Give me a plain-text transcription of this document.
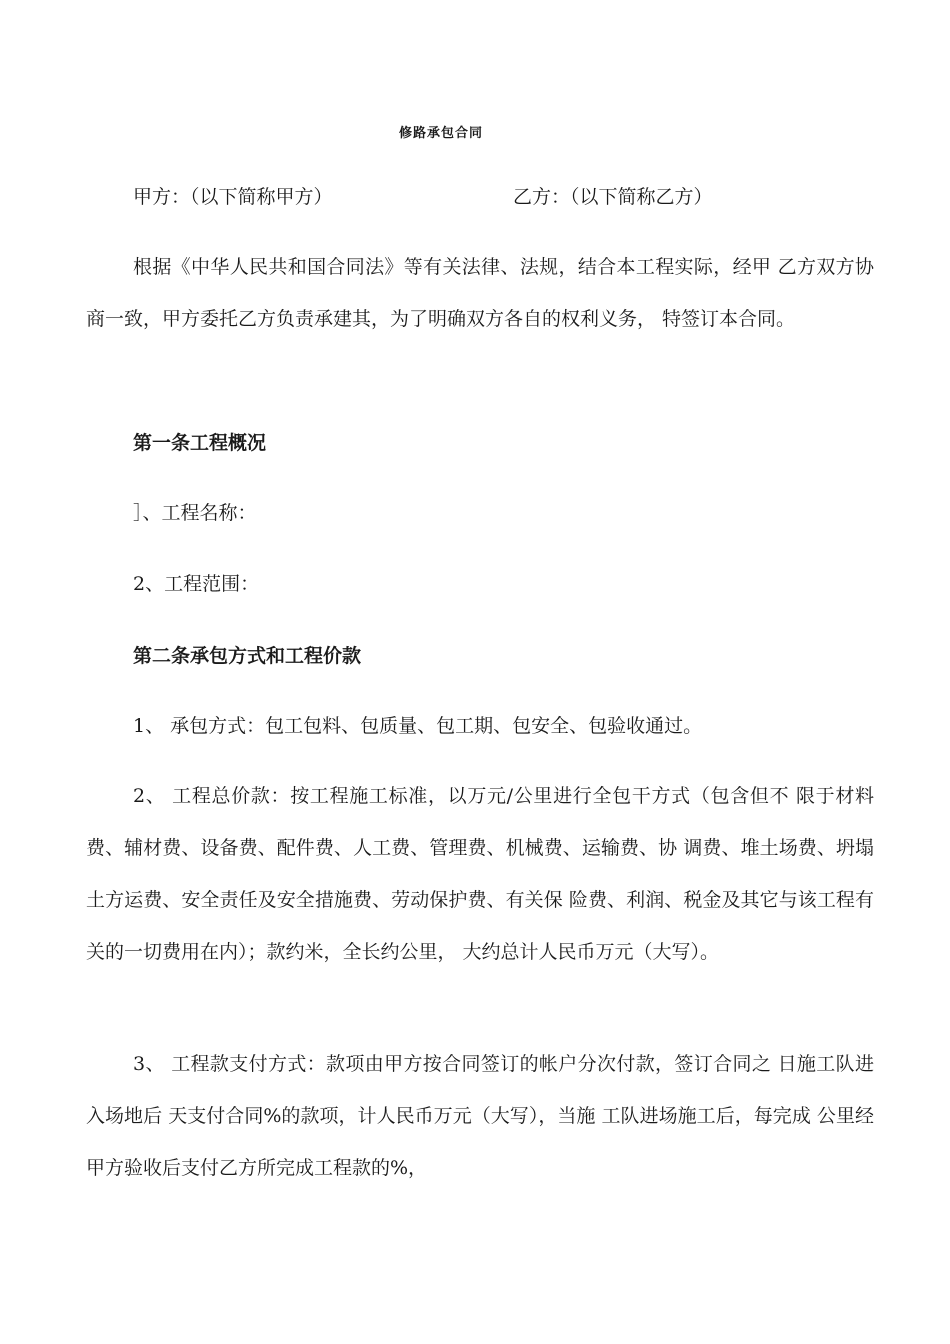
修路承包合同
甲方：（以下简称甲方）	乙方：（以下简称乙方）

根据《中华人民共和国合同法》等有关法律、法规，结合本工程实际，经甲 乙方双方协商一致，甲方委托乙方负责承建其，为了明确双方各自的权利义务， 特签订本合同。

第一条工程概况

］、工程名称：

2、工程范围：

第二条承包方式和工程价款

1、 承包方式：包工包料、包质量、包工期、包安全、包验收通过。

2、 工程总价款：按工程施工标准，以万元/公里进行全包干方式（包含但不 限于材料费、辅材费、设备费、配件费、人工费、管理费、机械费、运输费、协 调费、堆土场费、坍塌土方运费、安全责任及安全措施费、劳动保护费、有关保 险费、利润、税金及其它与该工程有关的一切费用在内）；款约米，全长约公里， 大约总计人民币万元（大写）。

3、 工程款支付方式：款项由甲方按合同签订的帐户分次付款，签订合同之 日施工队进入场地后 天支付合同%的款项，计人民币万元（大写），当施 工队进场施工后，每完成 公里经甲方验收后支付乙方所完成工程款的%，
